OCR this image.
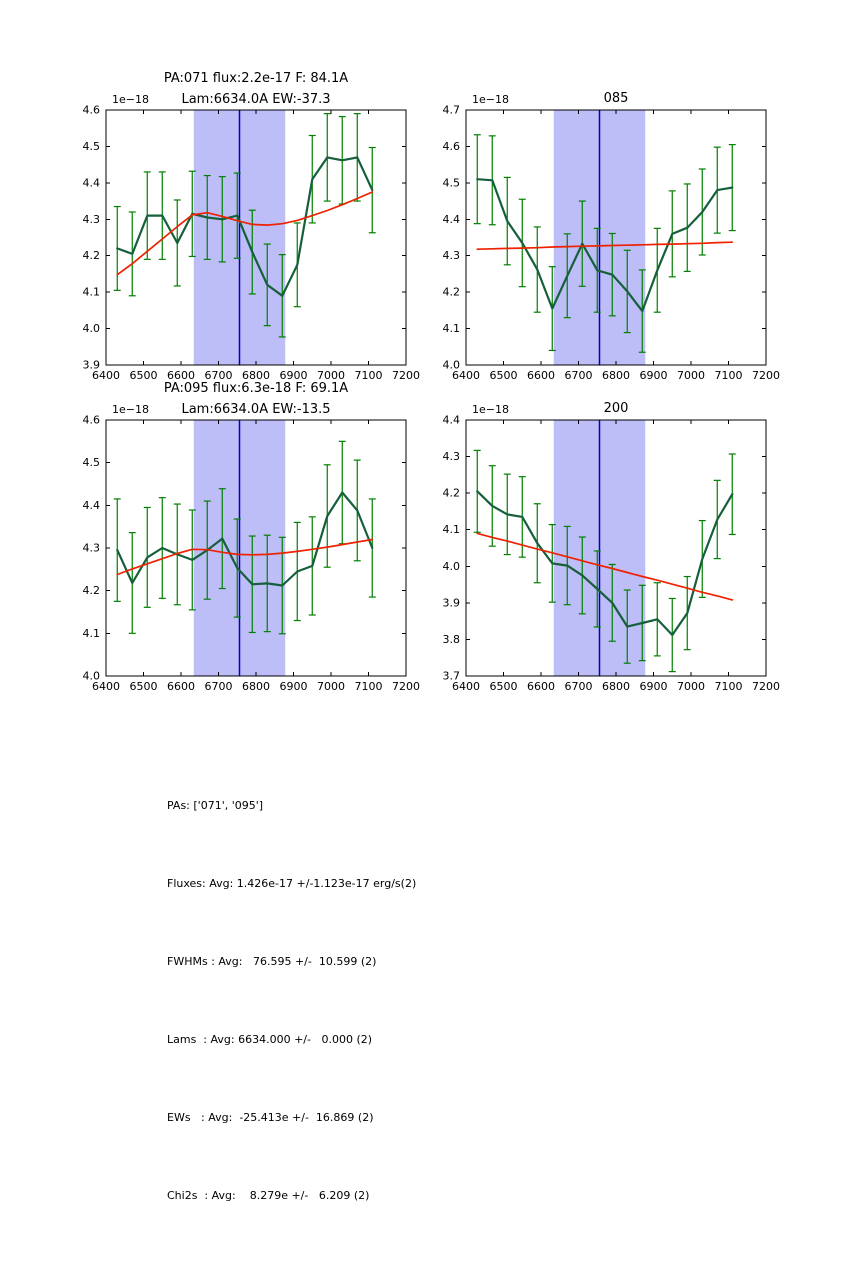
6400 6500 6600 6700 6800 6900 7000 7100 7200
3.9
4.0
4.1
4.2
4.3
4.4
4.5
4.6
1e−18
PA:071 flux:2.2e-17 F: 84.1A
Lam:6634.0A EW:-37.3
6400 6500 6600 6700 6800 6900 7000 7100 7200
4.0
4.1
4.2
4.3
4.4
4.5
4.6
4.7
1e−18	085
6400 6500 6600 6700 6800 6900 7000 7100 7200
4.0
4.1
4.2
4.3
4.4
4.5
4.6
1e−18
PA:095 flux:6.3e-18 F: 69.1A
Lam:6634.0A EW:-13.5
6400 6500 6600 6700 6800 6900 7000 7100 7200
3.7
3.8
3.9
4.0
4.1
4.2
4.3
4.4
1e−18	200

PAs: ['071', '095']

Fluxes: Avg: 1.426e-17 +/-1.123e-17 erg/s(2)

FWHMs : Avg:   76.595 +/-  10.599 (2)

Lams  : Avg: 6634.000 +/-   0.000 (2)

EWs   : Avg:  -25.413e +/-  16.869 (2)

Chi2s  : Avg:    8.279e +/-   6.209 (2)
